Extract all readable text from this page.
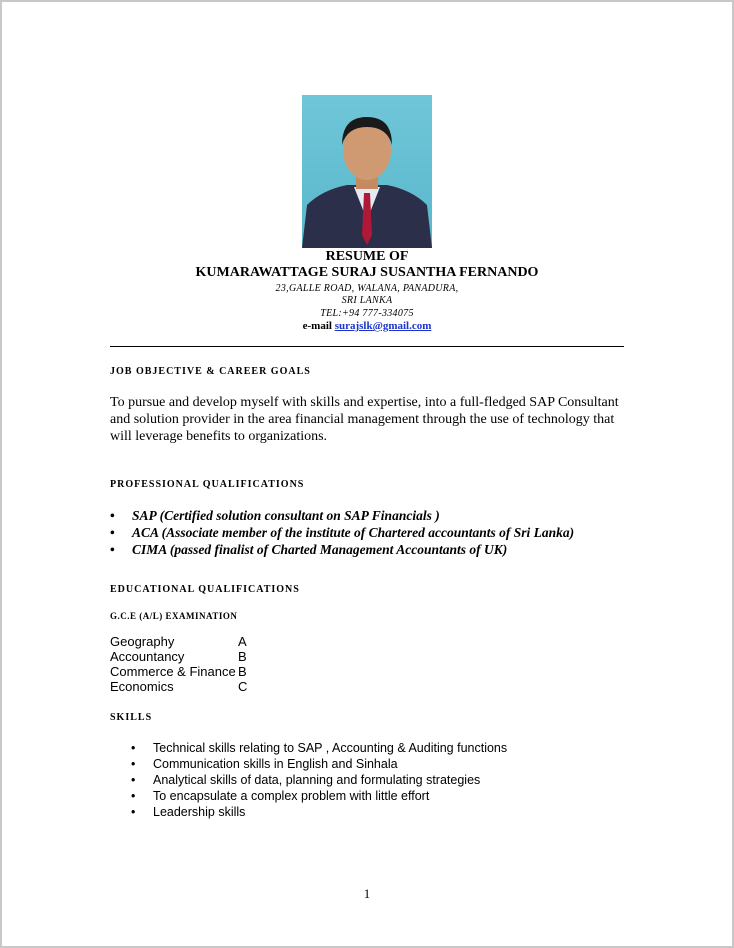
RESUME OF
KUMARAWATTAGE SURAJ SUSANTHA FERNANDO
23,GALLE ROAD, WALANA, PANADURA,
SRI LANKA
TEL:+94 777-334075
e-mail surajslk@gmail.com
JOB OBJECTIVE & CAREER GOALS
To pursue and develop myself with skills and expertise, into a full-fledged SAP Consultant and solution provider in the area financial management through the use of technology that will leverage benefits to organizations.
PROFESSIONAL QUALIFICATIONS
• SAP (Certified solution consultant on SAP Financials )
• ACA (Associate member of the institute of Chartered accountants of Sri Lanka)
• CIMA (passed finalist of Charted Management Accountants of UK)
EDUCATIONAL QUALIFICATIONS
G.C.E (A/L) EXAMINATION
Geography	A
Accountancy	B
Commerce & Finance B
Economics	C
SKILLS
• Technical skills relating to SAP , Accounting & Auditing functions
• Communication skills in English and Sinhala
• Analytical skills of data, planning and formulating strategies
• To encapsulate a complex problem with little effort
• Leadership skills
1
